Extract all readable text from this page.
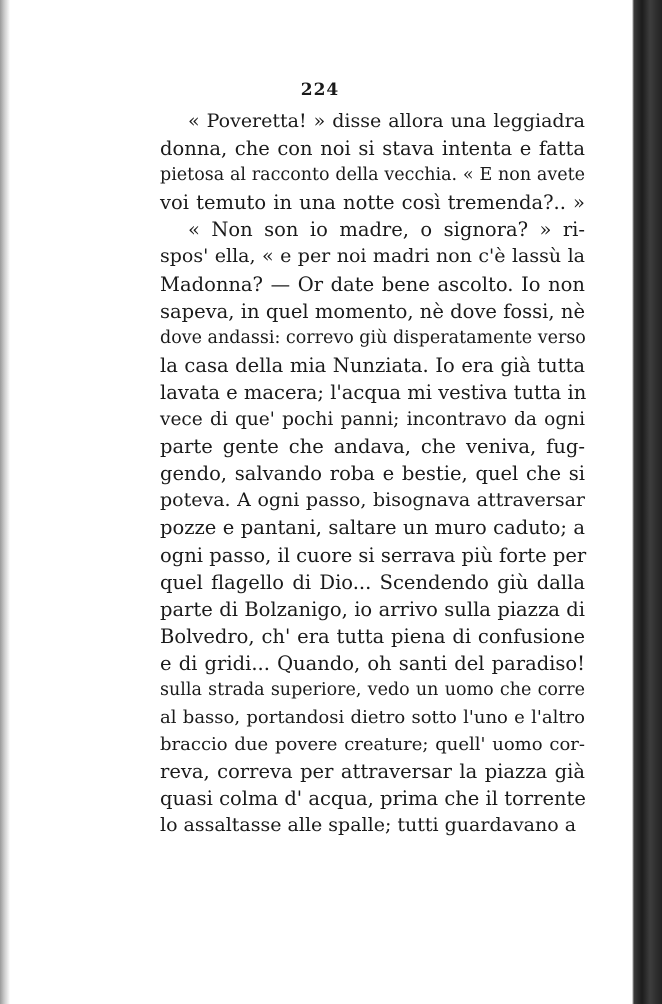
224
« Poveretta! » disse allora una leggiadra
donna, che con noi si stava intenta e fatta
pietosa al racconto della vecchia. « E non avete
voi temuto in una notte così tremenda?.. »
« Non son io madre, o signora? » ri-
spos' ella, « e per noi madri non c'è lassù la
Madonna? — Or date bene ascolto. Io non
sapeva, in quel momento, nè dove fossi, nè
dove andassi: correvo giù disperatamente verso
la casa della mia Nunziata. Io era già tutta
lavata e macera; l'acqua mi vestiva tutta in
vece di que' pochi panni; incontravo da ogni
parte gente che andava, che veniva, fug-
gendo, salvando roba e bestie, quel che si
poteva. A ogni passo, bisognava attraversar
pozze e pantani, saltare un muro caduto; a
ogni passo, il cuore si serrava più forte per
quel flagello di Dio... Scendendo giù dalla
parte di Bolzanigo, io arrivo sulla piazza di
Bolvedro, ch' era tutta piena di confusione
e di gridi... Quando, oh santi del paradiso!
sulla strada superiore, vedo un uomo che corre
al basso, portandosi dietro sotto l'uno e l'altro
braccio due povere creature; quell' uomo cor-
reva, correva per attraversar la piazza già
quasi colma d' acqua, prima che il torrente
lo assaltasse alle spalle; tutti guardavano a
